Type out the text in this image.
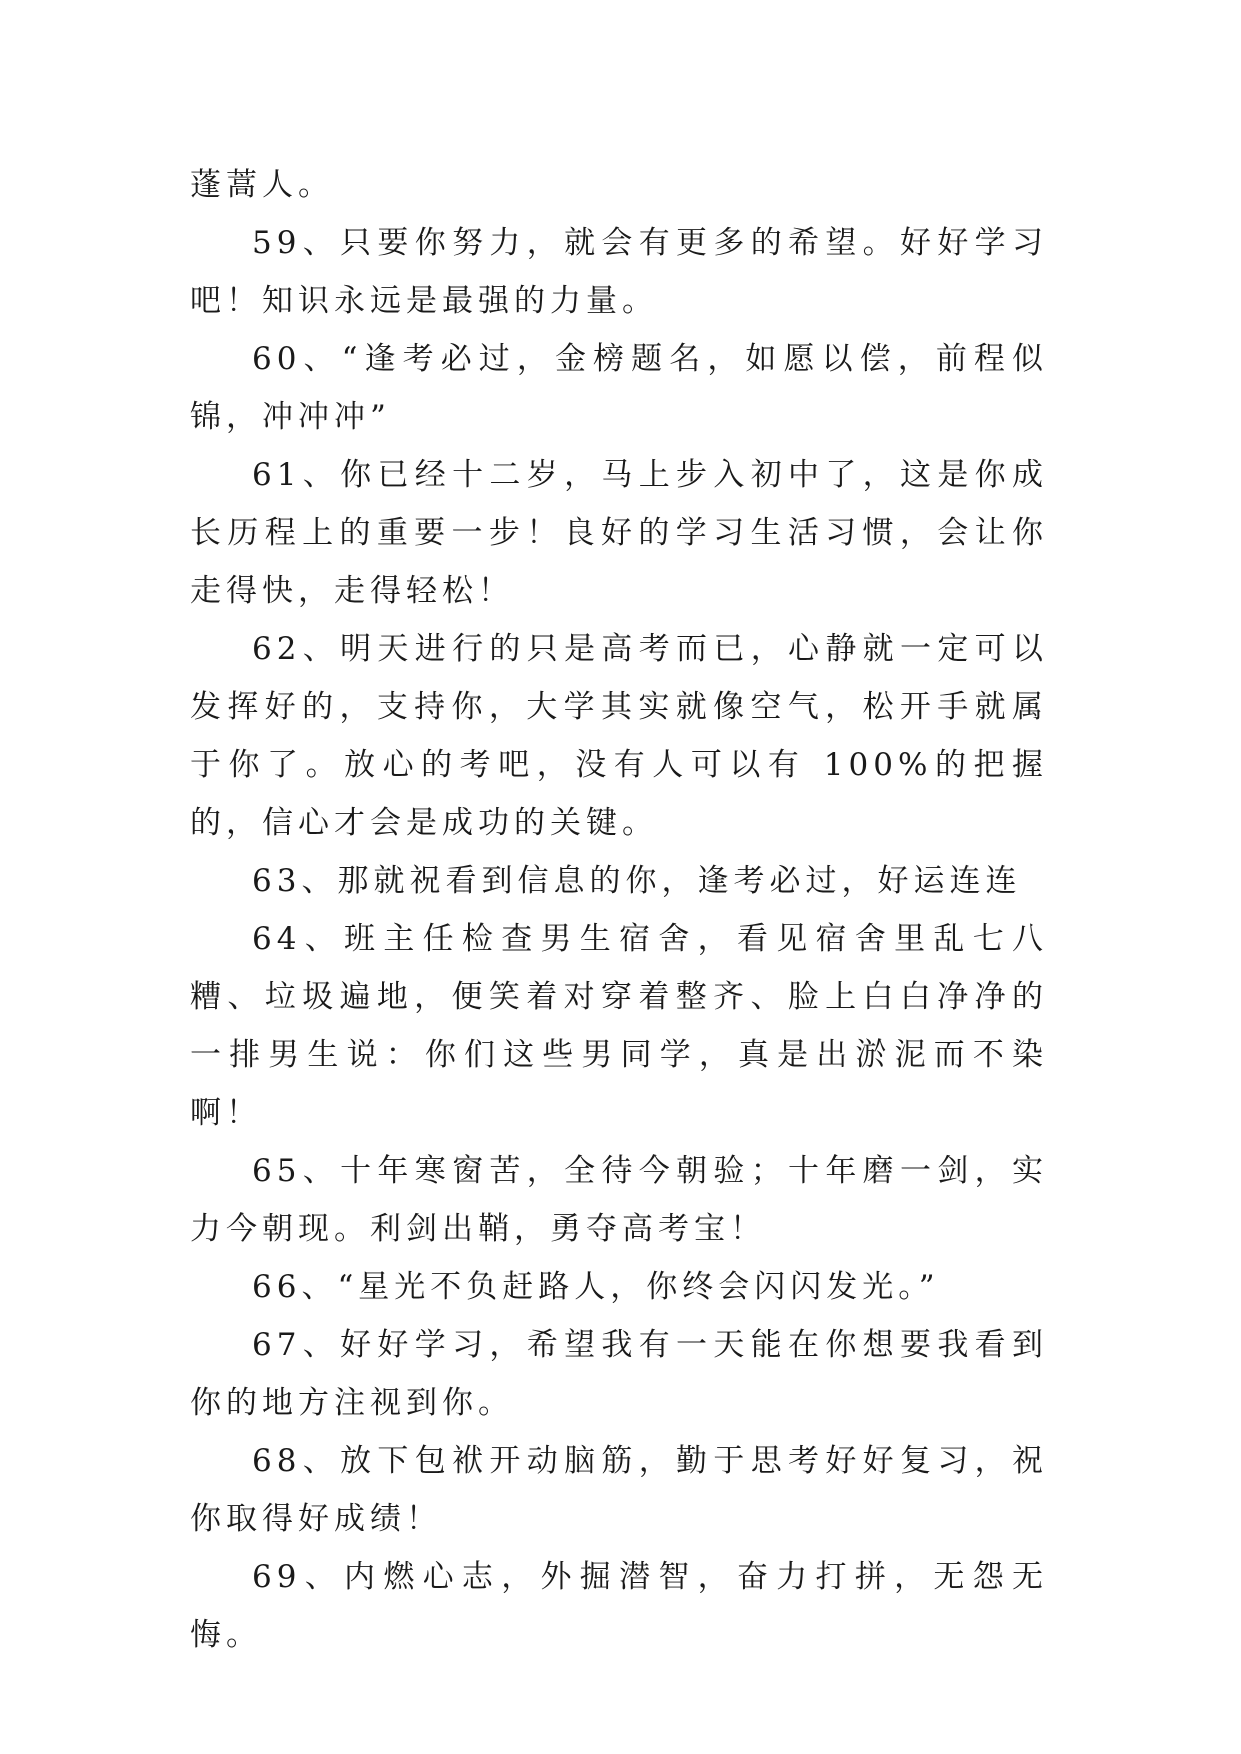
蓬蒿人。

59、只要你努力，就会有更多的希望。好好学习吧！知识永远是最强的力量。

60、“逢考必过，金榜题名，如愿以偿，前程似锦，冲冲冲”

61、你已经十二岁，马上步入初中了，这是你成长历程上的重要一步！良好的学习生活习惯，会让你走得快，走得轻松！

62、明天进行的只是高考而已，心静就一定可以发挥好的，支持你，大学其实就像空气，松开手就属于你了。放心的考吧，没有人可以有 100%的把握的，信心才会是成功的关键。

63、那就祝看到信息的你，逢考必过，好运连连

64、班主任检查男生宿舍，看见宿舍里乱七八糟、垃圾遍地，便笑着对穿着整齐、脸上白白净净的一排男生说：你们这些男同学，真是出淤泥而不染啊！

65、十年寒窗苦，全待今朝验；十年磨一剑，实力今朝现。利剑出鞘，勇夺高考宝！

66、“星光不负赶路人，你终会闪闪发光。”

67、好好学习，希望我有一天能在你想要我看到你的地方注视到你。

68、放下包袱开动脑筋，勤于思考好好复习，祝你取得好成绩！

69、内燃心志，外掘潜智，奋力打拼，无怨无悔。
